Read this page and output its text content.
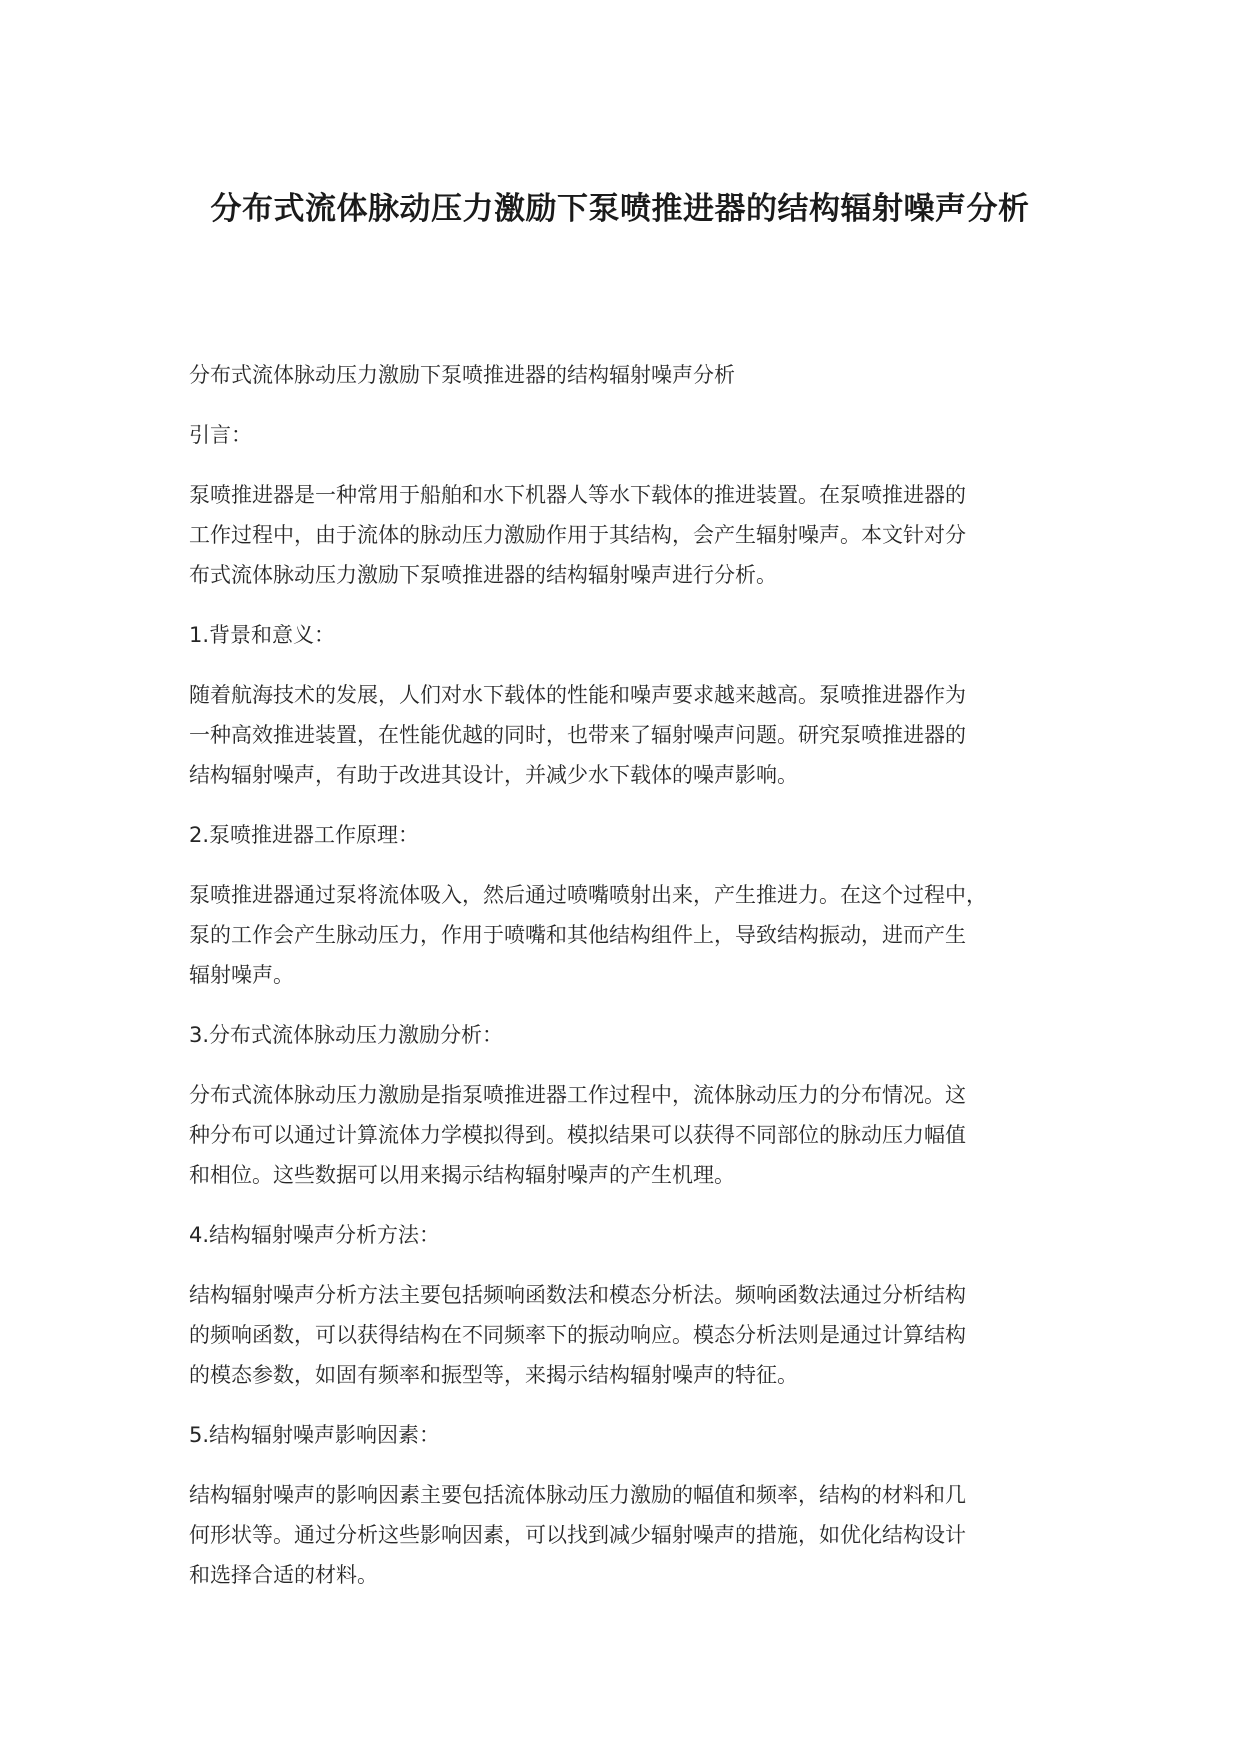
分布式流体脉动压力激励下泵喷推进器的结构辐射噪声分析

分布式流体脉动压力激励下泵喷推进器的结构辐射噪声分析

引言：

泵喷推进器是一种常用于船舶和水下机器人等水下载体的推进装置。在泵喷推进器的
工作过程中，由于流体的脉动压力激励作用于其结构，会产生辐射噪声。本文针对分
布式流体脉动压力激励下泵喷推进器的结构辐射噪声进行分析。

1.背景和意义：

随着航海技术的发展，人们对水下载体的性能和噪声要求越来越高。泵喷推进器作为
一种高效推进装置，在性能优越的同时，也带来了辐射噪声问题。研究泵喷推进器的
结构辐射噪声，有助于改进其设计，并减少水下载体的噪声影响。

2.泵喷推进器工作原理：

泵喷推进器通过泵将流体吸入，然后通过喷嘴喷射出来，产生推进力。在这个过程中，
泵的工作会产生脉动压力，作用于喷嘴和其他结构组件上，导致结构振动，进而产生
辐射噪声。

3.分布式流体脉动压力激励分析：

分布式流体脉动压力激励是指泵喷推进器工作过程中，流体脉动压力的分布情况。这
种分布可以通过计算流体力学模拟得到。模拟结果可以获得不同部位的脉动压力幅值
和相位。这些数据可以用来揭示结构辐射噪声的产生机理。

4.结构辐射噪声分析方法：

结构辐射噪声分析方法主要包括频响函数法和模态分析法。频响函数法通过分析结构
的频响函数，可以获得结构在不同频率下的振动响应。模态分析法则是通过计算结构
的模态参数，如固有频率和振型等，来揭示结构辐射噪声的特征。

5.结构辐射噪声影响因素：

结构辐射噪声的影响因素主要包括流体脉动压力激励的幅值和频率，结构的材料和几
何形状等。通过分析这些影响因素，可以找到减少辐射噪声的措施，如优化结构设计
和选择合适的材料。
